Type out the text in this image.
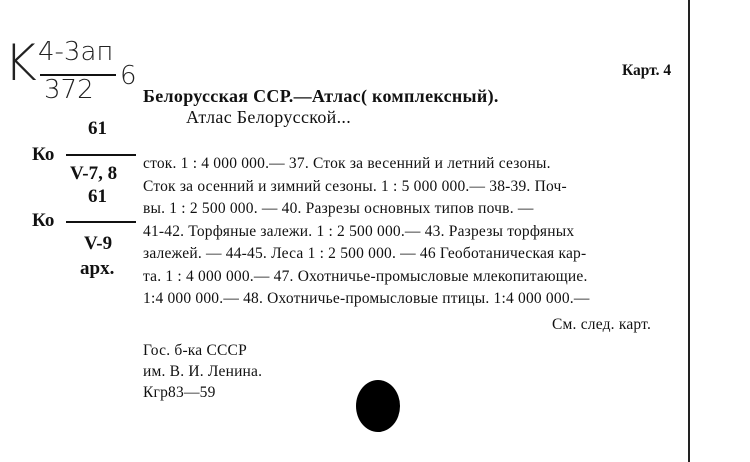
K 4-3ап
372 6	Карт. 4
Ко
61
V-7, 8
Ко
61
V-9
арх.
Белорусская ССР.—Атлас( комплексный).
Атлас Белорусской...
сток. 1 : 4 000 000.— 37. Сток за весенний и летний сезоны.
Сток за осенний и зимний сезоны. 1 : 5 000 000.— 38-39. Поч-
вы. 1 : 2 500 000. — 40. Разрезы основных типов почв. —
41-42. Торфяные залежи. 1 : 2 500 000.— 43. Разрезы торфяных
залежей. — 44-45. Леса 1 : 2 500 000. — 46 Геоботаническая кар-
та. 1 : 4 000 000.— 47. Охотничье-промысловые млекопитающие.
1:4 000 000.— 48. Охотничье-промысловые птицы. 1:4 000 000.—
См. след. карт.
Гос. б-ка СССР
им. В. И. Ленина.
Кгр83—59
